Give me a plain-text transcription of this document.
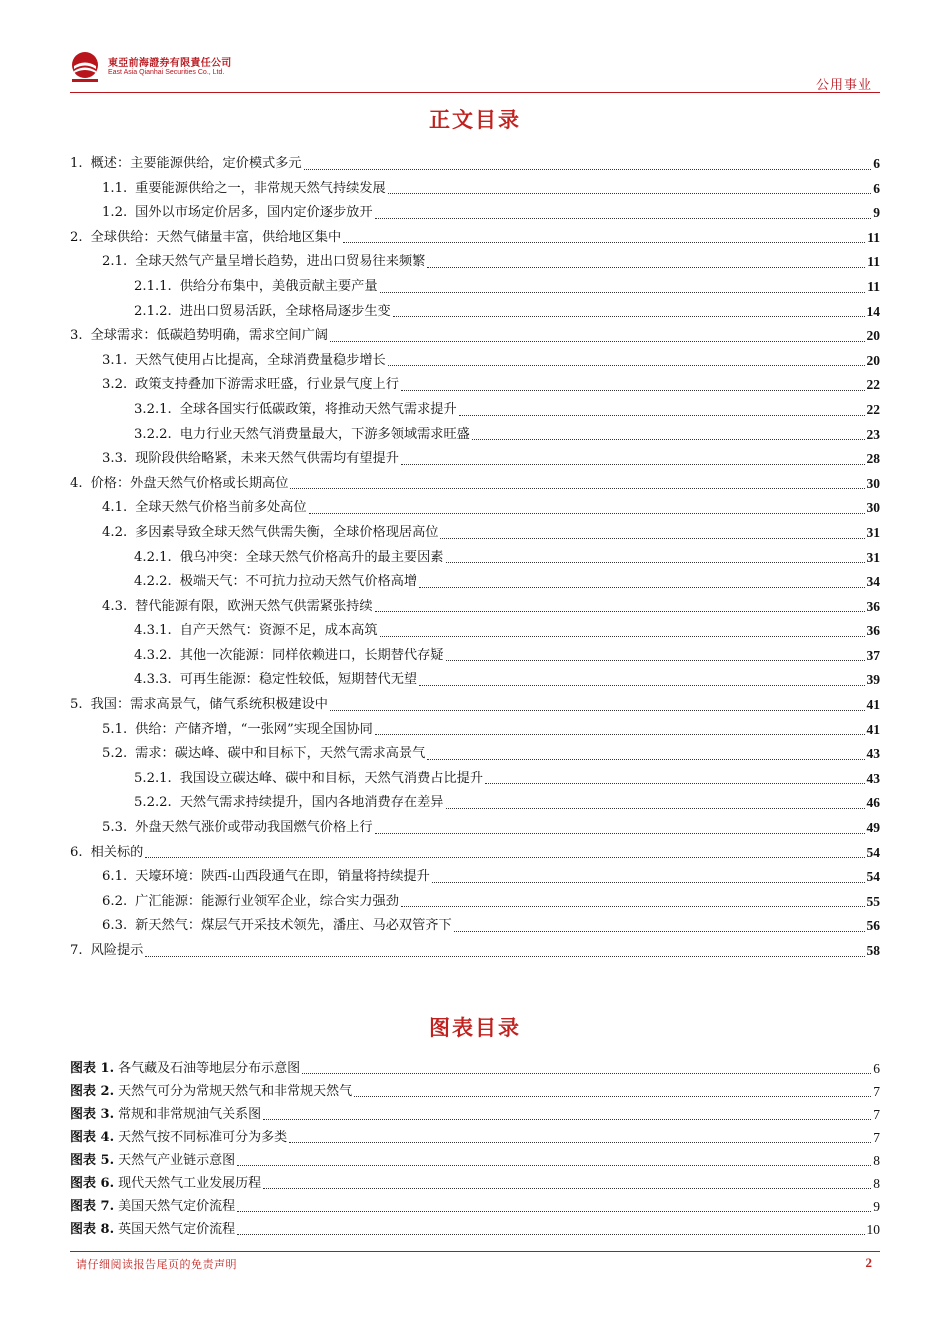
東亞前海證券有限責任公司
East Asia Qianhai Securities Co., Ltd.
公用事业
正文目录
1. 概述：主要能源供给，定价模式多元	6
1.1. 重要能源供给之一，非常规天然气持续发展	6
1.2. 国外以市场定价居多，国内定价逐步放开	9
2. 全球供给：天然气储量丰富，供给地区集中	11
2.1. 全球天然气产量呈增长趋势，进出口贸易往来频繁	11
2.1.1. 供给分布集中，美俄贡献主要产量	11
2.1.2. 进出口贸易活跃，全球格局逐步生变	14
3. 全球需求：低碳趋势明确，需求空间广阔	20
3.1. 天然气使用占比提高，全球消费量稳步增长	20
3.2. 政策支持叠加下游需求旺盛，行业景气度上行	22
3.2.1. 全球各国实行低碳政策，将推动天然气需求提升	22
3.2.2. 电力行业天然气消费量最大，下游多领域需求旺盛	23
3.3. 现阶段供给略紧，未来天然气供需均有望提升	28
4. 价格：外盘天然气价格或长期高位	30
4.1. 全球天然气价格当前多处高位	30
4.2. 多因素导致全球天然气供需失衡，全球价格现居高位	31
4.2.1. 俄乌冲突：全球天然气价格高升的最主要因素	31
4.2.2. 极端天气：不可抗力拉动天然气价格高增	34
4.3. 替代能源有限，欧洲天然气供需紧张持续	36
4.3.1. 自产天然气：资源不足，成本高筑	36
4.3.2. 其他一次能源：同样依赖进口，长期替代存疑	37
4.3.3. 可再生能源：稳定性较低，短期替代无望	39
5. 我国：需求高景气，储气系统积极建设中	41
5.1. 供给：产储齐增，“一张网”实现全国协同	41
5.2. 需求：碳达峰、碳中和目标下，天然气需求高景气	43
5.2.1. 我国设立碳达峰、碳中和目标，天然气消费占比提升	43
5.2.2. 天然气需求持续提升，国内各地消费存在差异	46
5.3. 外盘天然气涨价或带动我国燃气价格上行	49
6. 相关标的	54
6.1. 天壕环境：陕西-山西段通气在即，销量将持续提升	54
6.2. 广汇能源：能源行业领军企业，综合实力强劲	55
6.3. 新天然气：煤层气开采技术领先，潘庄、马必双管齐下	56
7. 风险提示	58
图表目录
图表 1. 各气藏及石油等地层分布示意图	6
图表 2. 天然气可分为常规天然气和非常规天然气	7
图表 3. 常规和非常规油气关系图	7
图表 4. 天然气按不同标准可分为多类	7
图表 5. 天然气产业链示意图	8
图表 6. 现代天然气工业发展历程	8
图表 7. 美国天然气定价流程	9
图表 8. 英国天然气定价流程	10
请仔细阅读报告尾页的免责声明	2
